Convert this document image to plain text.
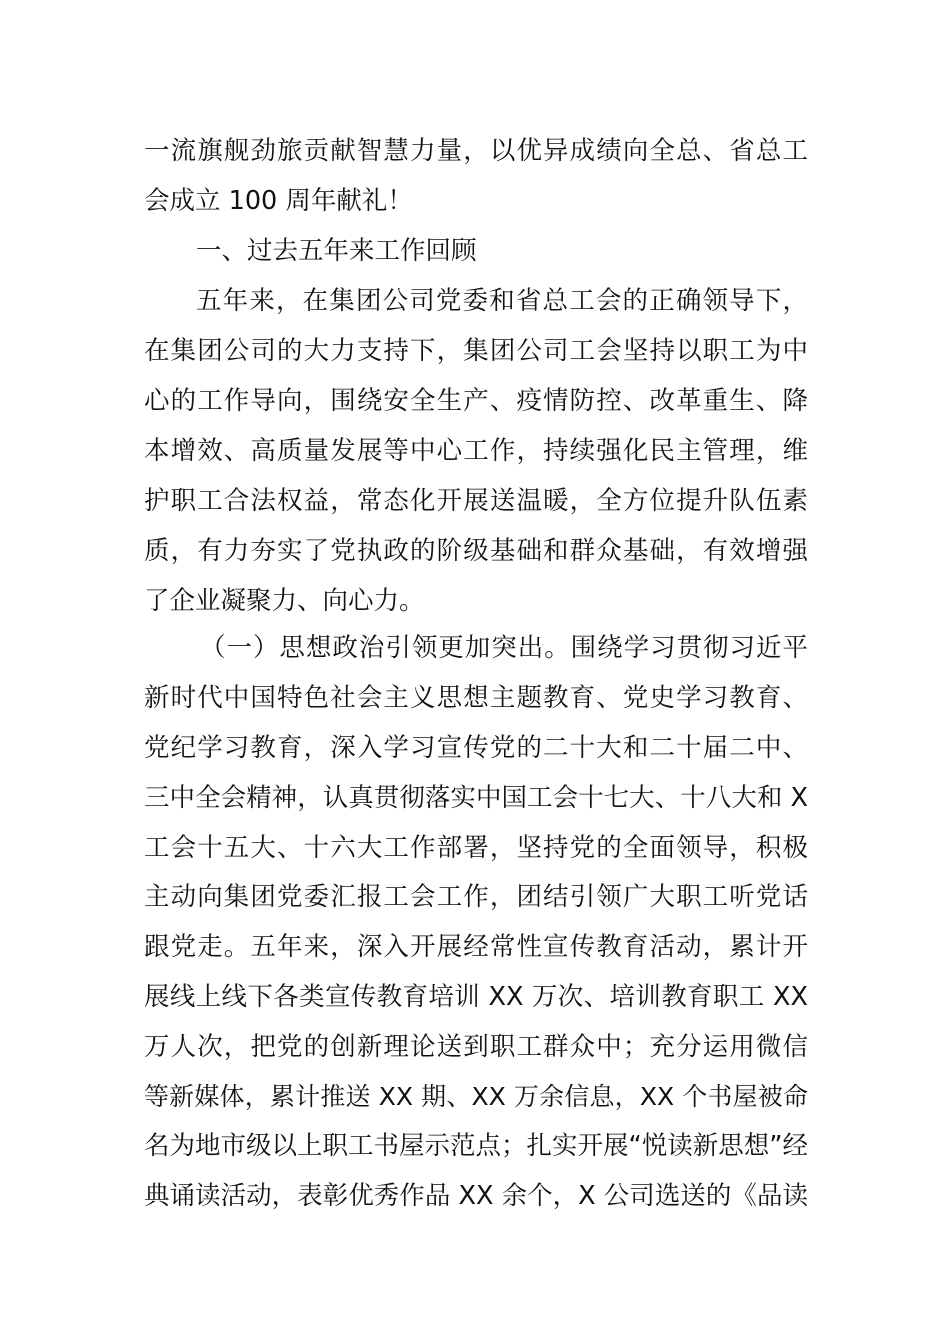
一流旗舰劲旅贡献智慧力量，以优异成绩向全总、省总工
会成立 100 周年献礼！
一、过去五年来工作回顾
五年来，在集团公司党委和省总工会的正确领导下，
在集团公司的大力支持下，集团公司工会坚持以职工为中
心的工作导向，围绕安全生产、疫情防控、改革重生、降
本增效、高质量发展等中心工作，持续强化民主管理，维
护职工合法权益，常态化开展送温暖，全方位提升队伍素
质，有力夯实了党执政的阶级基础和群众基础，有效增强
了企业凝聚力、向心力。
（一）思想政治引领更加突出。围绕学习贯彻习近平
新时代中国特色社会主义思想主题教育、党史学习教育、
党纪学习教育，深入学习宣传党的二十大和二十届二中、
三中全会精神，认真贯彻落实中国工会十七大、十八大和 X
工会十五大、十六大工作部署，坚持党的全面领导，积极
主动向集团党委汇报工会工作，团结引领广大职工听党话
跟党走。五年来，深入开展经常性宣传教育活动，累计开
展线上线下各类宣传教育培训 XX 万次、培训教育职工 XX
万人次，把党的创新理论送到职工群众中；充分运用微信
等新媒体，累计推送 XX 期、XX 万余信息，XX 个书屋被命
名为地市级以上职工书屋示范点；扎实开展“悦读新思想”经
典诵读活动，表彰优秀作品 XX 余个，X 公司选送的《品读
